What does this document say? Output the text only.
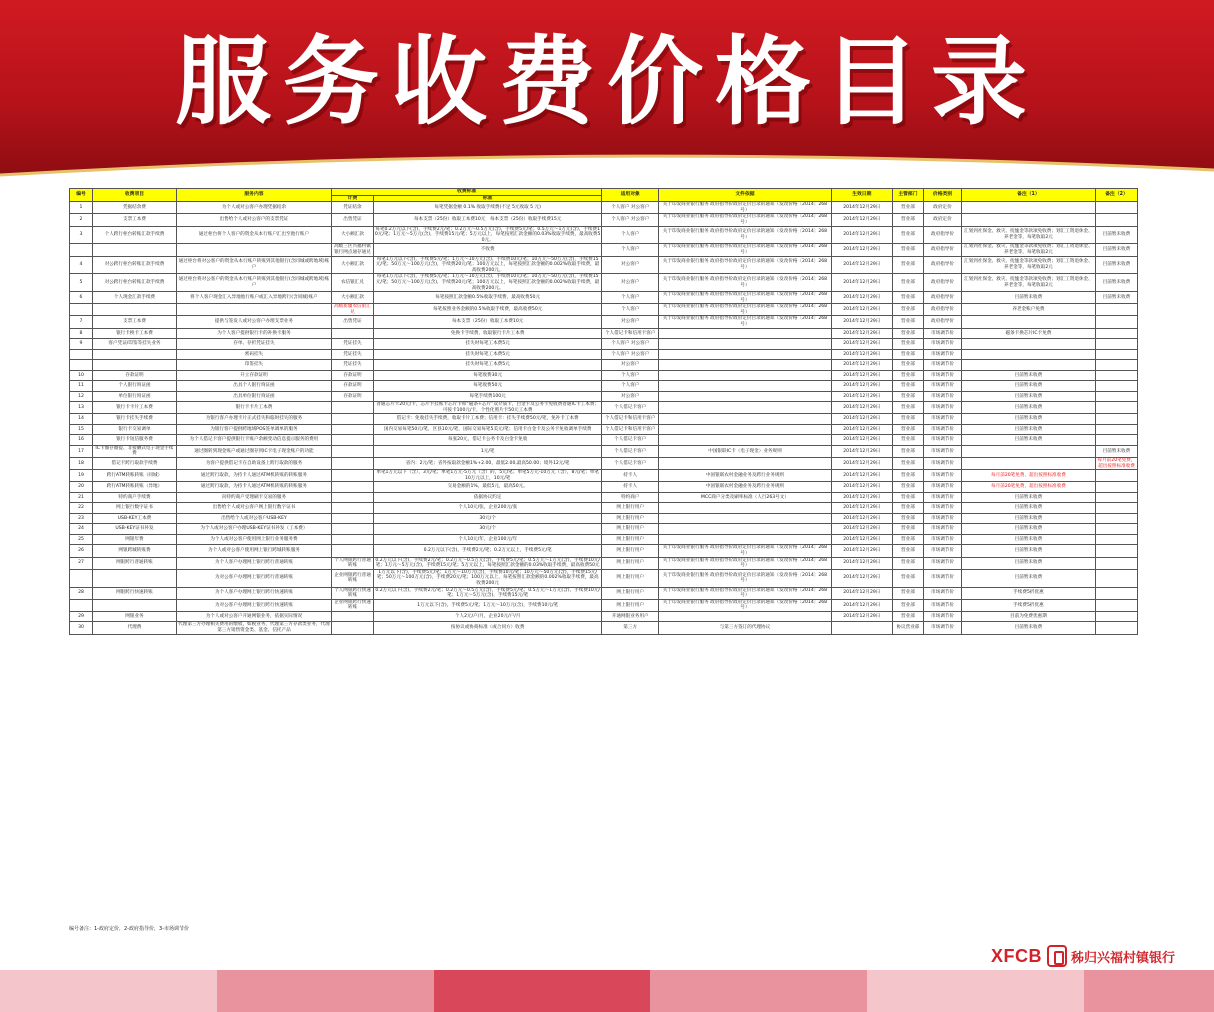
服务收费价格目录
编号	收费项目	服务内容	收费标准		适用对象	文件依据	生效日期	主管部门	价格类别	备注（1）	备注（2）
			计费	标准							
1	凭据结余费	为个人或对公客户办理凭据结余	凭证结余	每笔凭据金额 0.1% 收取手续费(不足 5元收取 5 元)	个人客户 对公客户	关于印发商业银行服务 政府指导价政府定价目录的通知（发改价格〔2014〕268 号）	2014年12月29日	营业部	政府定价		
2	支票工本费	出售给个人或对公客户的支票凭证	出售凭证	每本支票（25份）收取工本费10元　每本支票（25份）收取手续费15元	个人客户 对公客户	关于印发商业银行服务 政府指导价政府定价目录的通知（发改价格〔2014〕268 号）	2014年12月29日	营业部	政府定价		
3	个人跨行柜台转账汇款手续费	通过柜台将个人客户的资金从本行账户汇出至他行账户	大小额汇款	每笔0.2万元以下(含)，手续费2元/笔；0.2万元～0.5万元(含)，手续费5元/笔；0.5万元～1万元(含)，手续费10元/笔；1万元～5万元(含)，手续费15元/笔；5万元以上，每笔按照汇款金额的0.03%收取手续费，最高收费50元。	个人客户	关于印发商业银行服务 政府指导价政府定价目录的通知（发改价格〔2014〕268 号）	2014年12月29日	营业部	政府指导价	汇划到社保金、救灾、抚恤金等款项免收费；划汇工资退休金、养老金等，每笔收取2元	目前暂未收费
			高级三区兴福村镇银行网点通存通兑	不收费	个人客户	关于印发商业银行服务 政府指导价政府定价目录的通知（发改价格〔2014〕268 号）	2014年12月29日	营业部	政府指导价	汇划到社保金、救灾、抚恤金等款项免收费；划汇工资退休金、养老金等，每笔收取2元	目前暂未收费
4	对公跨行柜台转账汇款手续费	通过柜台将对公客户的资金从本行账户转账到其他银行(含同城或跨地域)账户	大小额汇款	每笔1万元以下(含)，手续费5元/笔；1万元～10万元(含)，手续费10元/笔；10万元～50万元(含)，手续费15元/笔；50万元～100万元(含)，手续费20元/笔；100万元以上，每笔按照汇款金额的0.002%收取手续费，最高收费200元。	对公客户	关于印发商业银行服务 政府指导价政府定价目录的通知（发改价格〔2014〕268 号）	2014年12月29日	营业部	政府指导价	汇划到社保金、救灾、抚恤金等款项免收费；划汇工资退休金、养老金等，每笔收取2元	目前暂未收费
5	对公跨行柜台转账汇款手续费	通过柜台将对公客户的资金从本行账户转账到其他银行(含同城或跨地域)账户	农信银汇兑	每笔1万元以下(含)，手续费5元/笔；1万元～10万元(含)，手续费10元/笔；10万元～50万元(含)，手续费15元/笔；50万元～100万元(含)，手续费20元/笔；100万元以上，每笔按照汇款金额的0.002%收取手续费，最高收费200元。	对公客户	关于印发商业银行服务 政府指导价政府定价目录的通知（发改价格〔2014〕268 号）	2014年12月29日	营业部	政府指导价	汇划到社保金、救灾、抚恤金等款项免收费；划汇工资退休金、养老金等，每笔收取2元	目前暂未收费
6	个人现金汇款手续费	将个人客户现金汇入异地他行账户或汇入异地跨行(含同城)账户	大小额汇款	每笔按照汇款金额0.5%收取手续费，最高收费50元	个人客户	关于印发商业银行服务 政府指导价政府定价目录的通知（发改价格〔2014〕268 号）	2014年12月29日	营业部	政府指导价	目前暂未收费	目前暂未收费
			高级新疆农信银汇兑	每笔按照业务金额的0.5%收取手续费，最高收费50元	个人客户	关于印发商业银行服务 政府指导价政府定价目录的通知（发改价格〔2014〕268 号）	2014年12月29日	营业部	政府指导价	养老金账户免费	
7	支票工本费	提供与签发人或对公客户办理支票业务	出售凭证	每本支票（25份）收取工本费10元	对公客户	关于印发商业银行服务 政府指导价政府定价目录的通知（发改价格〔2014〕268 号）	2014年12月29日	营业部	政府指导价		
8	银行卡换卡工本费	为个人客户提供银行卡的补换卡服务		免换卡手续费，收取银行卡片工本费	个人借记卡和信用卡客户		2014年12月29日	营业部	市场调节价	磁条卡换芯片IC卡免费	
9	客户凭证/印鉴等挂失业务	存单、存折凭证挂失	凭证挂失	挂失时每笔工本费5元	个人客户 对公客户		2014年12月29日	营业部	市场调节价		
		密码挂失	凭证挂失	挂失时每笔工本费5元	个人客户 对公客户		2014年12月29日	营业部	市场调节价		
		印鉴挂失	凭证挂失	挂失时每笔工本费5元	对公客户		2014年12月29日	营业部	市场调节价		
10	存款证明	开立存款证明	存款证明	每笔收费30元	个人客户		2014年12月29日	营业部	市场调节价	目前暂未收费	
11	个人银行询证函	出具个人银行询证函	存款证明	每笔收费50元	个人客户		2014年12月29日	营业部	市场调节价	目前暂未收费	
12	单位银行询证函	出具单位银行询证函	存款证明	每笔手续费100元	对公客户		2014年12月29日	营业部	市场调节价	目前暂未收费	
13	银行卡卡片工本费	银行卡卡片工本费		普通芯片卡20元/卡，芯片卡挂账卡芯片卡和“磁条+芯片”双介质卡，白金卡及公务卡免收费普通IC卡工本费；可按卡100元/卡，个性化照片卡50元工本费	个人借记卡客户		2014年12月29日	营业部	市场调节价	目前暂未收费	
14	银行卡挂失手续费	为银行客户办理卡片正式挂失和临时挂失的服务		借记卡：免收挂失手续费，收取卡片工本费；信用卡：挂失手续费50元/笔，免补卡工本费	个人借记卡和信用卡客户		2014年12月29日	营业部	市场调节价	目前暂未收费	
15	银行卡交易调单	为银行客户提供跨地域POS签单调单的服务		国内交易每笔50元/笔，区县10元/笔，国际交易每笔5美元/笔；信用卡白金卡及公务卡免收调单手续费	个人借记卡和信用卡客户		2014年12月29日	营业部	市场调节价	目前暂未收费	
16	银行卡短信服务费	为个人借记卡客户提供银行卡账户余额变动信息提示服务的费用		每张20元，借记卡公务卡及白金卡免收	个人借记卡客户		2014年12月29日	营业部	市场调节价	目前暂未收费	
17	IC卡圈存圈提、非接触式电子现金手续费	通过圈转到现金账户或通过圈存到IC卡电子现金账户的功能		1元/笔	个人借记卡客户	中国银联IC卡（电子现金）业务规则	2014年12月29日	营业部	市场调节价		目前暂未收费
18	借记卡跨行取款手续费	为客户提供借记卡在自助设备上跨行取款的服务		省内：2元/笔；省外按取款金额1%+2.00，最低2.00,最高50.00；境外12元/笔	个人借记卡客户		2014年12月29日	营业部	市场调节价		每月前20笔免费，超出按照标准收费
19	跨行ATM转账转账（同城）	通过跨行取款，为持卡人通过ATM机转账的转账服务		单笔1万元以下（含），3元/笔；单笔1万元-5万元（含）的，5元/笔；单笔5万元-10万元（含），8元/笔；单笔10万元以上，10元/笔	持卡人	中国银联农村金融业务及跨行业务规则	2014年12月29日	营业部	市场调节价	每月前20笔免费，超出按照标准收费	
20	跨行ATM转账转账（异地）	通过跨行取款，为持卡人通过ATM机转账的转账服务		交易金额的1%，最低5元，最高50元。	持卡人	中国银联农村金融业务及跨行业务规则	2014年12月29日	营业部	市场调节价	每月前20笔免费，超出按照标准收费	
21	特约商户手续费	向特约商户受理刷卡交易的服务		依据协议约定	特约商户	MCC商户分类及刷率标准（人行263号文）	2014年12月29日	营业部	市场调节价	目前暂未收费	
22	网上银行数字证书	出售给个人或对公客户网上银行数字证书		个人10元/张，企业200元/张	网上银行用户		2014年12月29日	营业部	市场调节价	目前暂未收费	
23	USB-KEY工本费	出售给个人或对公客户USB-KEY		30元/个	网上银行用户		2014年12月29日	营业部	市场调节价	目前暂未收费	
24	USB-KEY证书补发	为个人或对公客户办理USB-KEY证书补发（工本费）		30元/个	网上银行用户		2014年12月29日	营业部	市场调节价	目前暂未收费	
25	网银年费	为个人或对公客户使用网上银行业务服务费		个人10元/年，企业100元/年	网上银行用户		2014年12月29日	营业部	市场调节价	目前暂未收费	
26	网银跨城转账费	为个人或对公客户使用网上银行跨城转账服务		0.2万元以下(含)，手续费2元/笔；0.2万元以上，手续费5元/笔	网上银行用户	关于印发商业银行服务 政府指导价政府定价目录的通知（发改价格〔2014〕268 号）	2014年12月29日	营业部	市场调节价	目前暂未收费	
27	网银跨行普通转账	为个人客户办理网上银行跨行普通转账	个人网银跨行普通转账	0.2万元以下(含)，手续费2元/笔；0.2万元～0.5万元(含)，手续费5元/笔；0.5万元～1万元(含)，手续费10元/笔；1万元～5万元(含)，手续费15元/笔；5万元以上，每笔按照汇款金额的0.03%收取手续费，最高收费50元	网上银行用户	关于印发商业银行服务 政府指导价政府定价目录的通知（发改价格〔2014〕268 号）	2014年12月29日	营业部	市场调节价	目前暂未收费	
		为对公客户办理网上银行跨行普通转账	企业网银跨行普通转账	1万元以下(含)，手续费5元/笔；1万元～10万元(含)，手续费10元/笔；10万元～50万元(含)，手续费15元/笔；50万元～100万元(含)，手续费20元/笔；100万元以上，每笔按照汇款金额的0.002%收取手续费，最高收费200元	网上银行用户	关于印发商业银行服务 政府指导价政府定价目录的通知（发改价格〔2014〕268 号）	2014年12月29日	营业部	市场调节价	目前暂未收费	
28	网银跨行快速转账	为个人客户办理网上银行跨行快速转账	个人网银跨行快速转账	0.2万元以下(含)，手续费2元/笔；0.2万元～0.5万元(含)，手续费5元/笔；0.5万元～1万元(含)，手续费10元/笔；1万元～5万元(含)，手续费15元/笔	网上银行用户	关于印发商业银行服务 政府指导价政府定价目录的通知（发改价格〔2014〕268 号）	2014年12月29日	营业部	市场调节价	手续费5折优惠	
		为对公客户办理网上银行跨行快速转账	企业网银跨行快速转账	1万元以下(含)，手续费5元/笔；1万元～10万元(含)，手续费10元/笔	网上银行用户	关于印发商业银行服务 政府指导价政府定价目录的通知（发改价格〔2014〕268 号）	2014年12月29日	营业部	市场调节价	手续费5折优惠	
29	网银业务	为个人或对公客户开通网银业务，依据实际情况		个人2元/户/月，企业20元/户/月	开通网银业务用户		2014年12月29日	营业部	市场调节价	目前为免费优惠期	
30	代理费	代理第三方办理相关费用的缴收，如税业务，代理第三方存款类业务，代理第三方销售资金类、基金、信托产品		按协议或协商标准（或合同方）收费	第三方	与第三方签订的代理协议		协议营业部	市场调节价	目前暂未收费	
编号备注：1-政府定价，2-政府指导价，3-市场调节价
XFCB 秭归兴福村镇银行
